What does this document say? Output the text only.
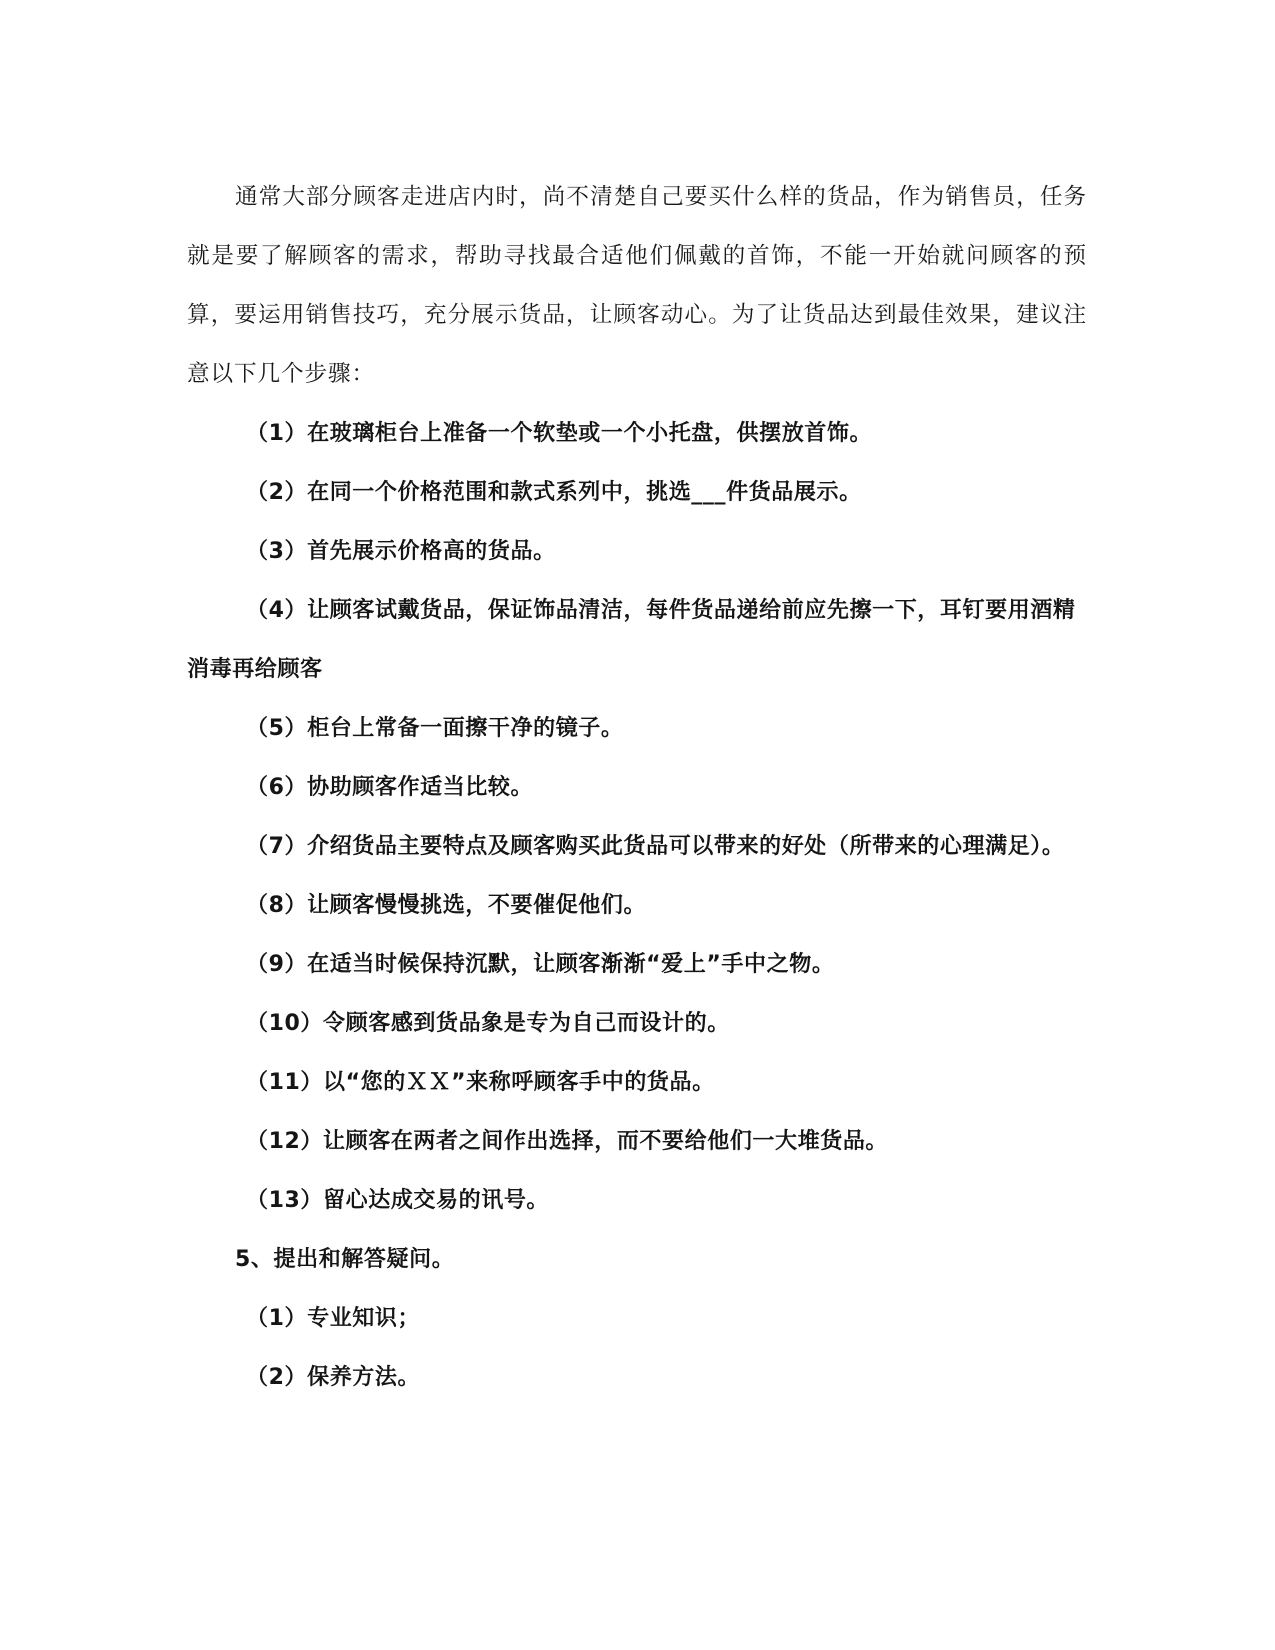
通常大部分顾客走进店内时，尚不清楚自己要买什么样的货品，作为销售员，任务就是要了解顾客的需求，帮助寻找最合适他们佩戴的首饰，不能一开始就问顾客的预算，要运用销售技巧，充分展示货品，让顾客动心。为了让货品达到最佳效果，建议注意以下几个步骤：

（1）在玻璃柜台上准备一个软垫或一个小托盘，供摆放首饰。

（2）在同一个价格范围和款式系列中，挑选___件货品展示。

（3）首先展示价格高的货品。

（4）让顾客试戴货品，保证饰品清洁，每件货品递给前应先擦一下，耳钉要用酒精消毒再给顾客

（5）柜台上常备一面擦干净的镜子。

（6）协助顾客作适当比较。

（7）介绍货品主要特点及顾客购买此货品可以带来的好处（所带来的心理满足）。

（8）让顾客慢慢挑选，不要催促他们。

（9）在适当时候保持沉默，让顾客渐渐“爱上”手中之物。

（10）令顾客感到货品象是专为自己而设计的。

（11）以“您的ＸＸ”来称呼顾客手中的货品。

（12）让顾客在两者之间作出选择，而不要给他们一大堆货品。

（13）留心达成交易的讯号。

5、提出和解答疑问。

（1）专业知识；

（2）保养方法。
